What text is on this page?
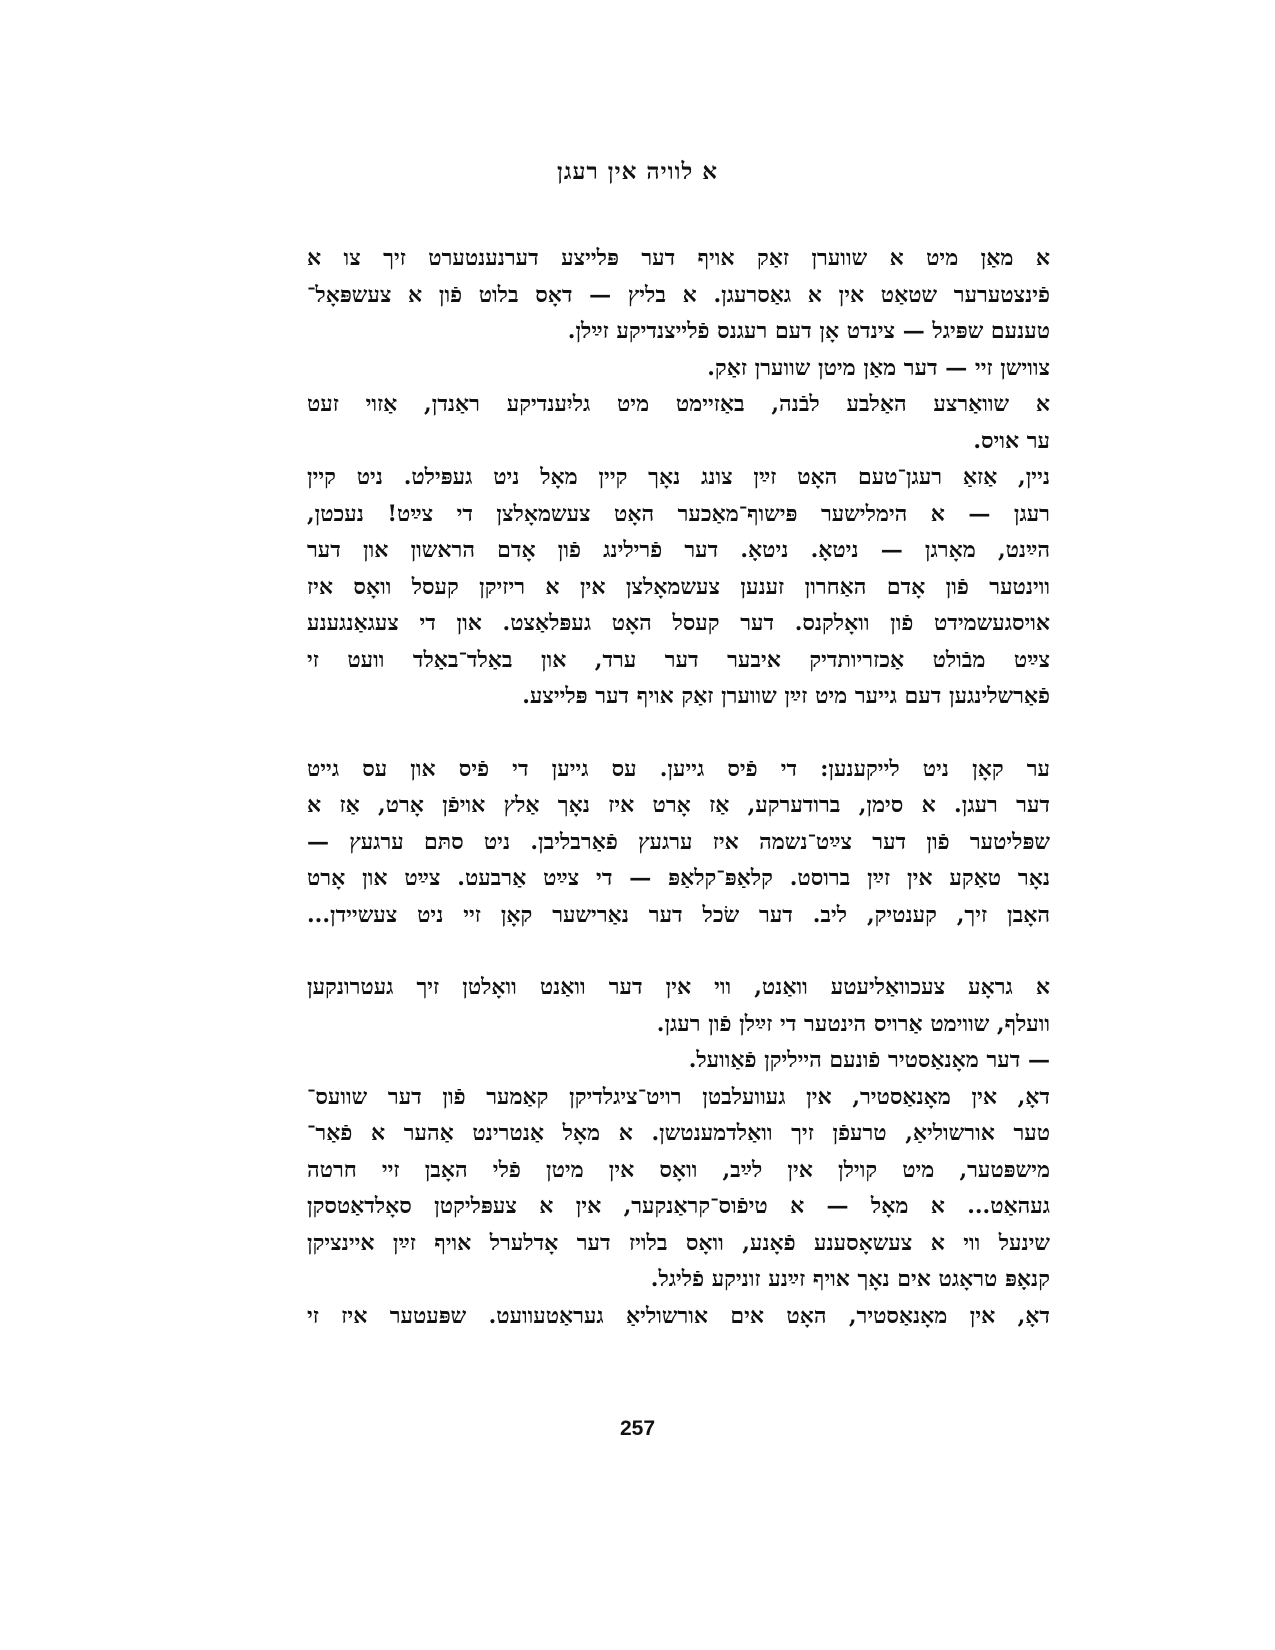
א לוויה אין רעגן
א מאַן מיט א שווערן זאַק אויף דער פּלייצע דערנענטערט זיך צו א
פֿינצטערער שטאַט אין א גאַסרעגן. א בליץ — דאָס בלוט פֿון א צעשפּאָל־
טענעם שפּיגל — צינדט אָן דעם רעגנס פֿלייצנדיקע זײַלן.
צווישן זיי — דער מאַן מיטן שווערן זאַק.
א שוואַרצע האַלבע לבֿנה, באַזיימט מיט גליִענדיקע ראַנדן, אַזוי זעט
ער אויס.
ניין, אַזאַ רעגן־טעם האָט זײַן צונג נאָך קיין מאָל ניט געפּילט. ניט קיין
רעגן — א הימלישער פּישוף־מאַכער האָט צעשמאָלצן די צײַט! נעכטן,
הײַנט, מאָרגן — ניטאָ. ניטאָ. דער פֿרילינג פֿון אָדם הראשון און דער
ווינטער פֿון אָדם האַחרון זענען צעשמאָלצן אין א ריזיקן קעסל וואָס איז
אויסגעשמידט פֿון וואָלקנס. דער קעסל האָט געפּלאַצט. און די צעגאַנגענע
צײַט מבֿולט אַכזריותדיק איבער דער ערד, און באַלד־באַלד וועט זי
פֿאַרשלינגען דעם גייער מיט זײַן שווערן זאַק אויף דער פּלייצע.
ער קאָן ניט לייקענען: די פֿיס גייען. עס גייען די פֿיס און עס גייט
דער רעגן. א סימן, ברודערקע, אַז אָרט איז נאָך אַלץ אויפֿן אָרט, אַז א
שפּליטער פֿון דער צײַט־נשמה איז ערגעץ פֿאַרבליבן. ניט סתּם ערגעץ —
נאָר טאַקע אין זײַן ברוסט. קלאַפּ־קלאַפּ — די צײַט אַרבעט. צײַט און אָרט
האָבן זיך, קענטיק, ליב. דער שׂכל דער נאַרישער קאָן זיי ניט צעשיידן...
א גראָע צעכוואַליעטע וואַנט, ווי אין דער וואַנט וואָלטן זיך געטרונקען
וועלף, שווימט אַרויס הינטער די זײַלן פֿון רעגן.
— דער מאָנאַסטיר פֿונעם הייליקן פֿאַוועל.
דאָ, אין מאָנאַסטיר, אין געוועלבטן רויט־ציגלדיקן קאַמער פֿון דער שוועס־
טער אורשוליאַ, טרעפֿן זיך וואַלדמענטשן. א מאָל אַנטרינט אַהער א פֿאַר־
מישפּטער, מיט קוילן אין לײַב, וואָס אין מיטן פֿלי האָבן זיי חרטה
געהאַט... א מאָל — א טיפֿוס־קראַנקער, אין א צעפּליקטן סאָלדאַטסקן
שינעל ווי א צעשאָסענע פֿאָנע, וואָס בלויז דער אָדלערל אויף זײַן איינציקן
קנאָפּ טראָגט אים נאָך אויף זײַנע זוניקע פֿליגל.
דאָ, אין מאָנאַסטיר, האָט אים אורשוליאַ געראַטעוועט. שפּעטער איז זי
257
